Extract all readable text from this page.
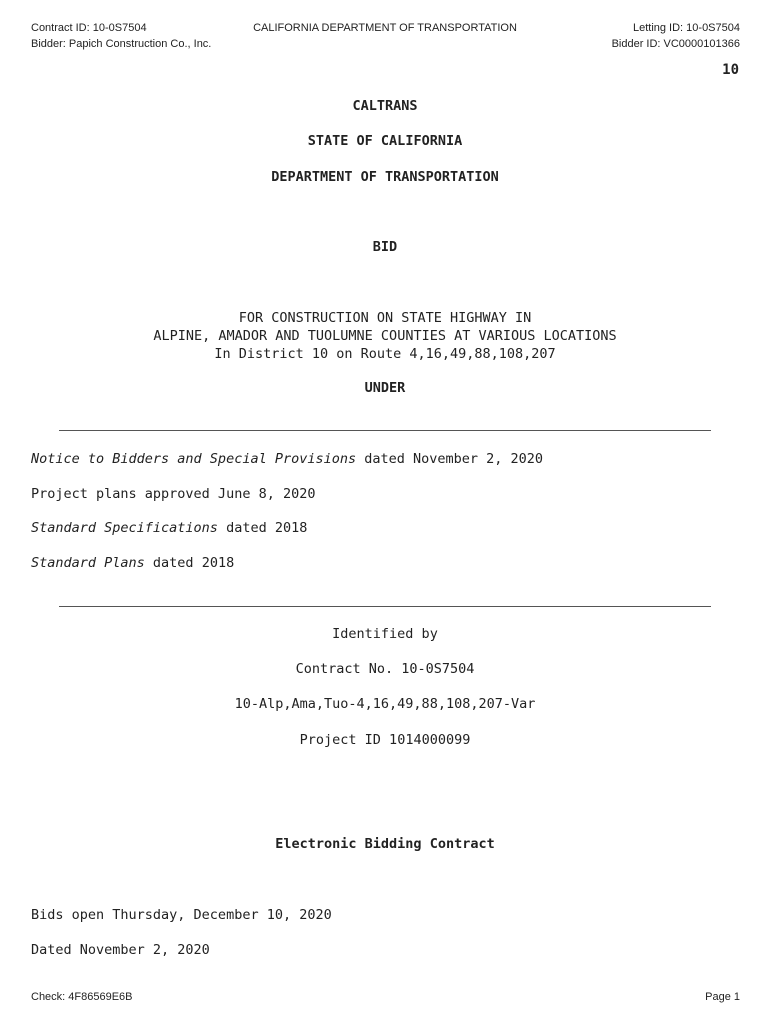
Contract ID: 10-0S7504
Bidder: Papich Construction Co., Inc.
CALIFORNIA DEPARTMENT OF TRANSPORTATION	Letting ID: 10-0S7504
Bidder ID: VC0000101366
10
CALTRANS
STATE OF CALIFORNIA
DEPARTMENT OF TRANSPORTATION
BID
FOR CONSTRUCTION ON STATE HIGHWAY IN
ALPINE, AMADOR AND TUOLUMNE COUNTIES AT VARIOUS LOCATIONS
In District 10 on Route 4,16,49,88,108,207
UNDER
Notice to Bidders and Special Provisions dated November 2, 2020
Project plans approved June 8, 2020
Standard Specifications dated 2018
Standard Plans dated 2018
Identified by
Contract No. 10-0S7504
10-Alp,Ama,Tuo-4,16,49,88,108,207-Var
Project ID 1014000099
Electronic Bidding Contract
Bids open Thursday, December 10, 2020
Dated November 2, 2020
Check: 4F86569E6B	Page 1
